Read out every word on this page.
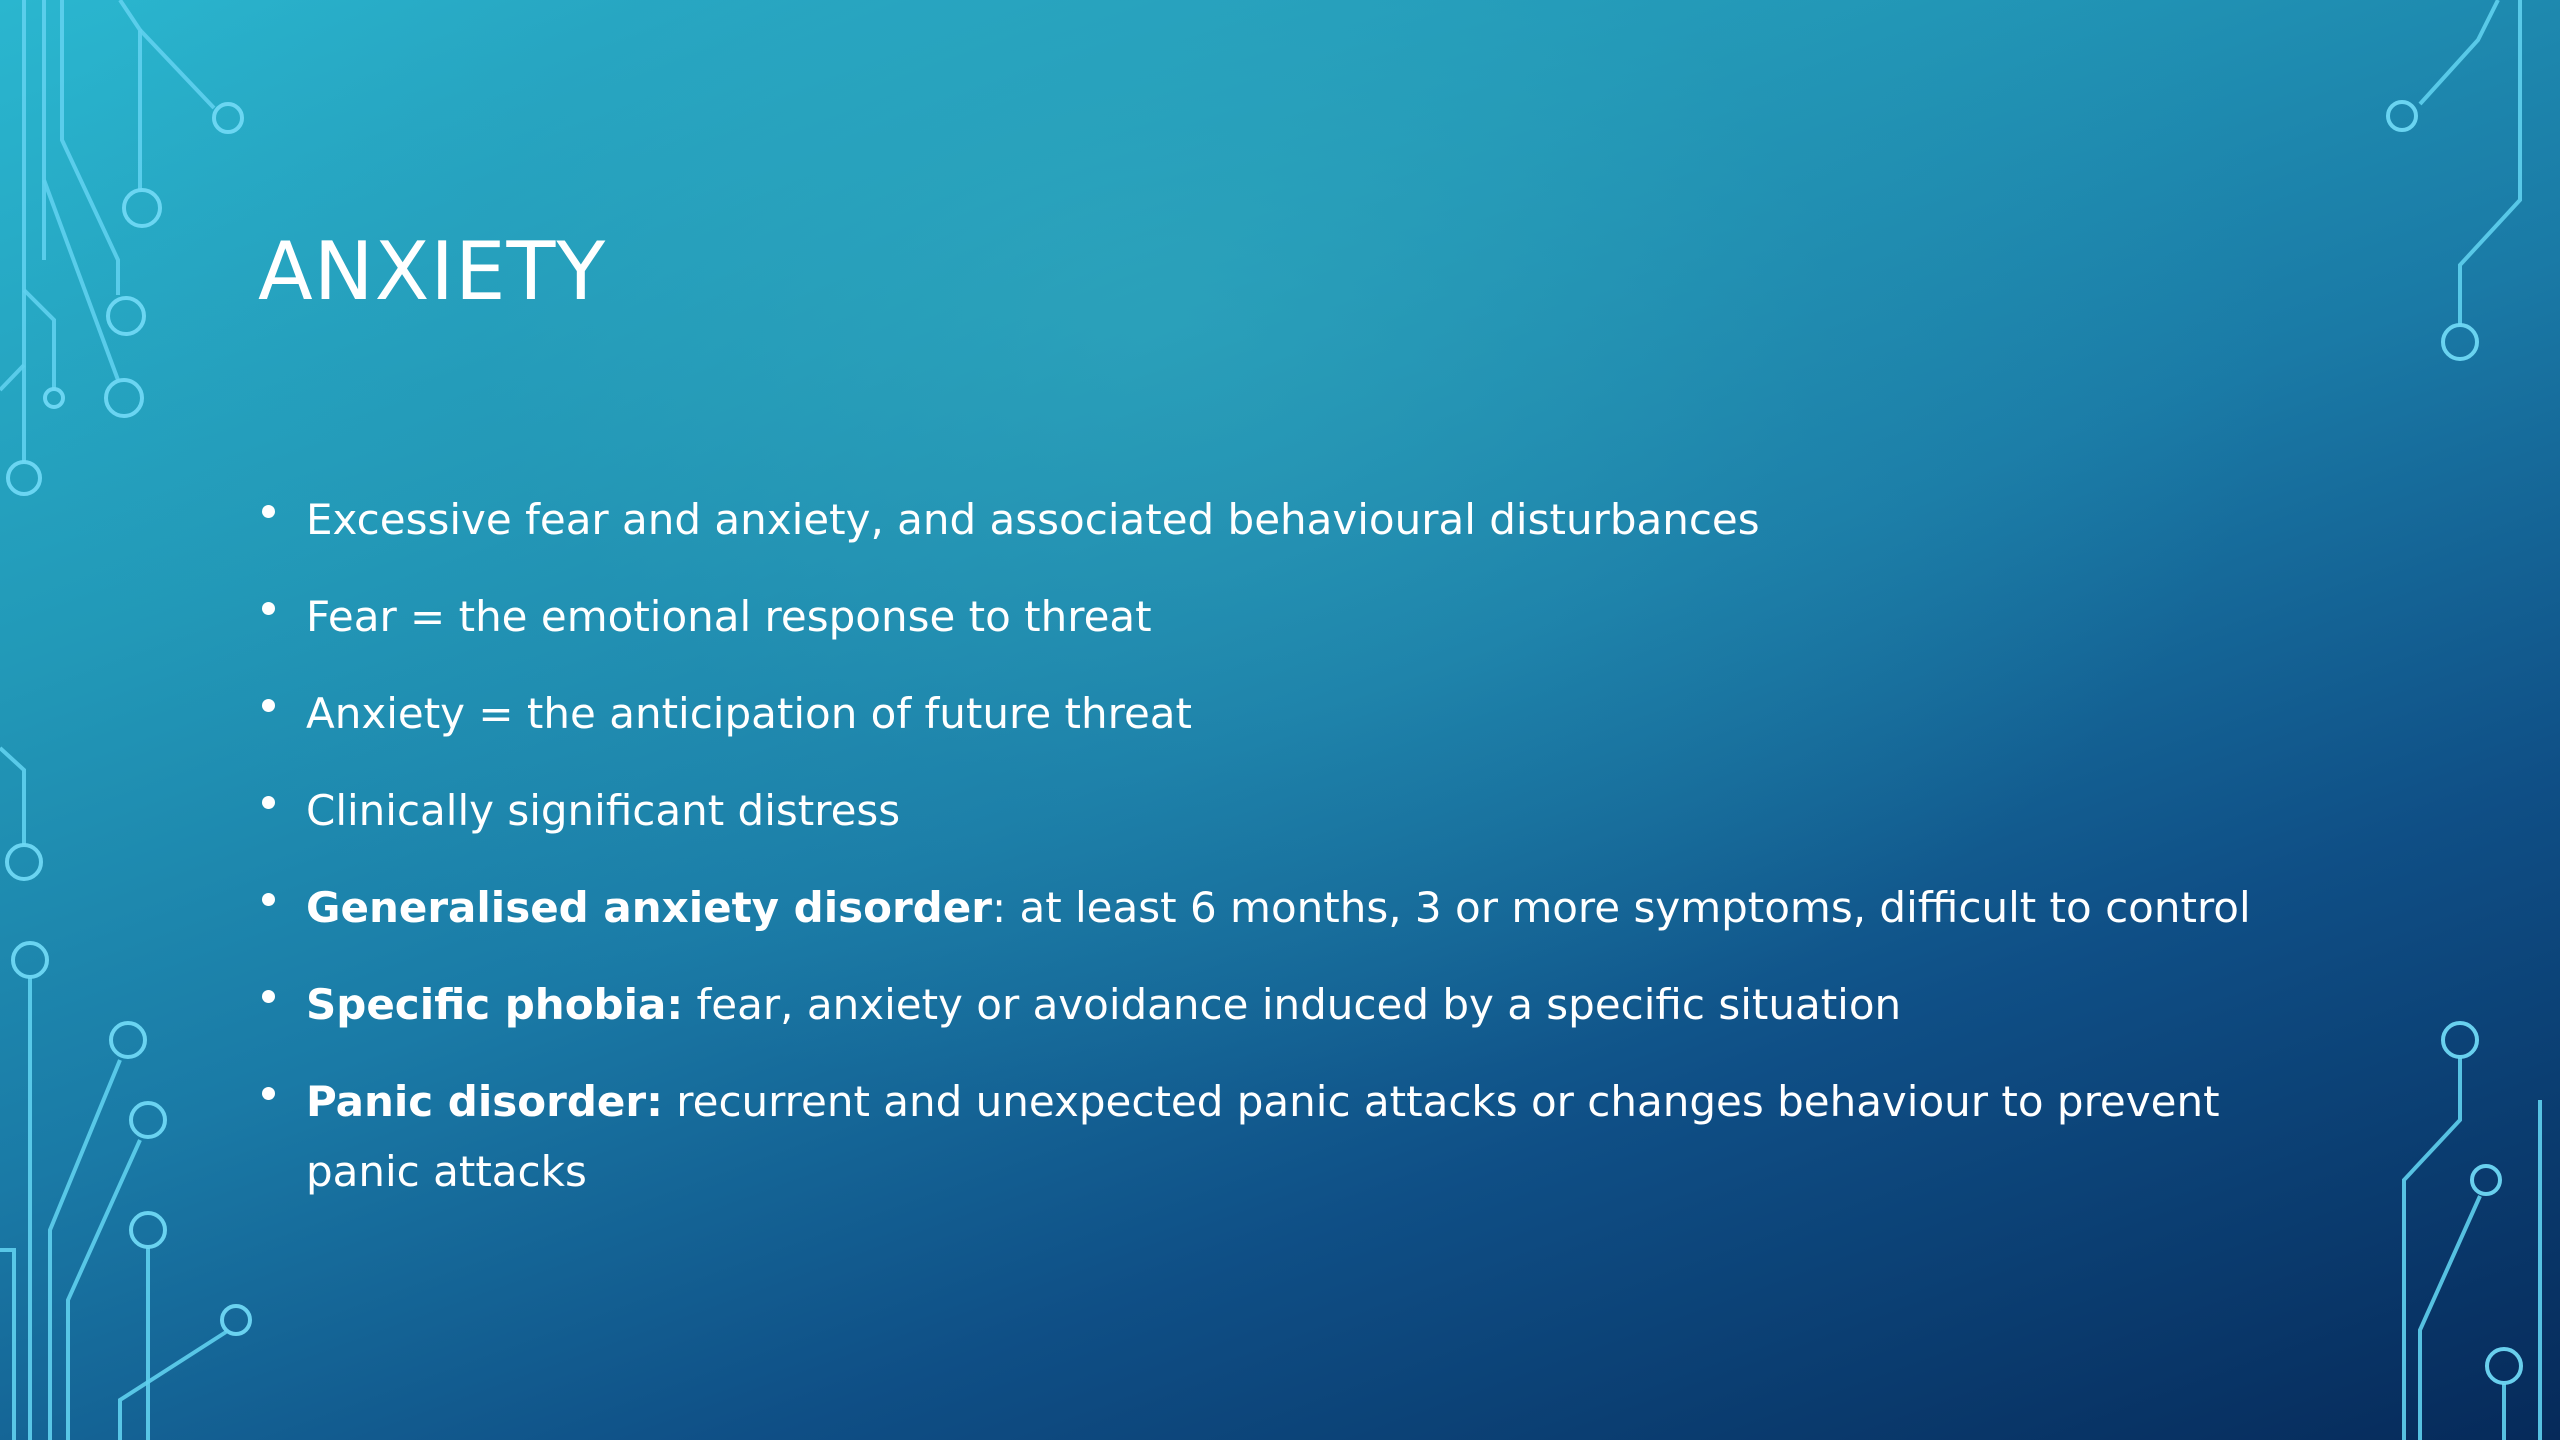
ANXIETY
Excessive fear and anxiety, and associated behavioural disturbances
Fear = the emotional response to threat
Anxiety = the anticipation of future threat
Clinically significant distress
Generalised anxiety disorder: at least 6 months, 3 or more symptoms, difficult to control
Specific phobia: fear, anxiety or avoidance induced by a specific situation
Panic disorder: recurrent and unexpected panic attacks or changes behaviour to prevent panic attacks
